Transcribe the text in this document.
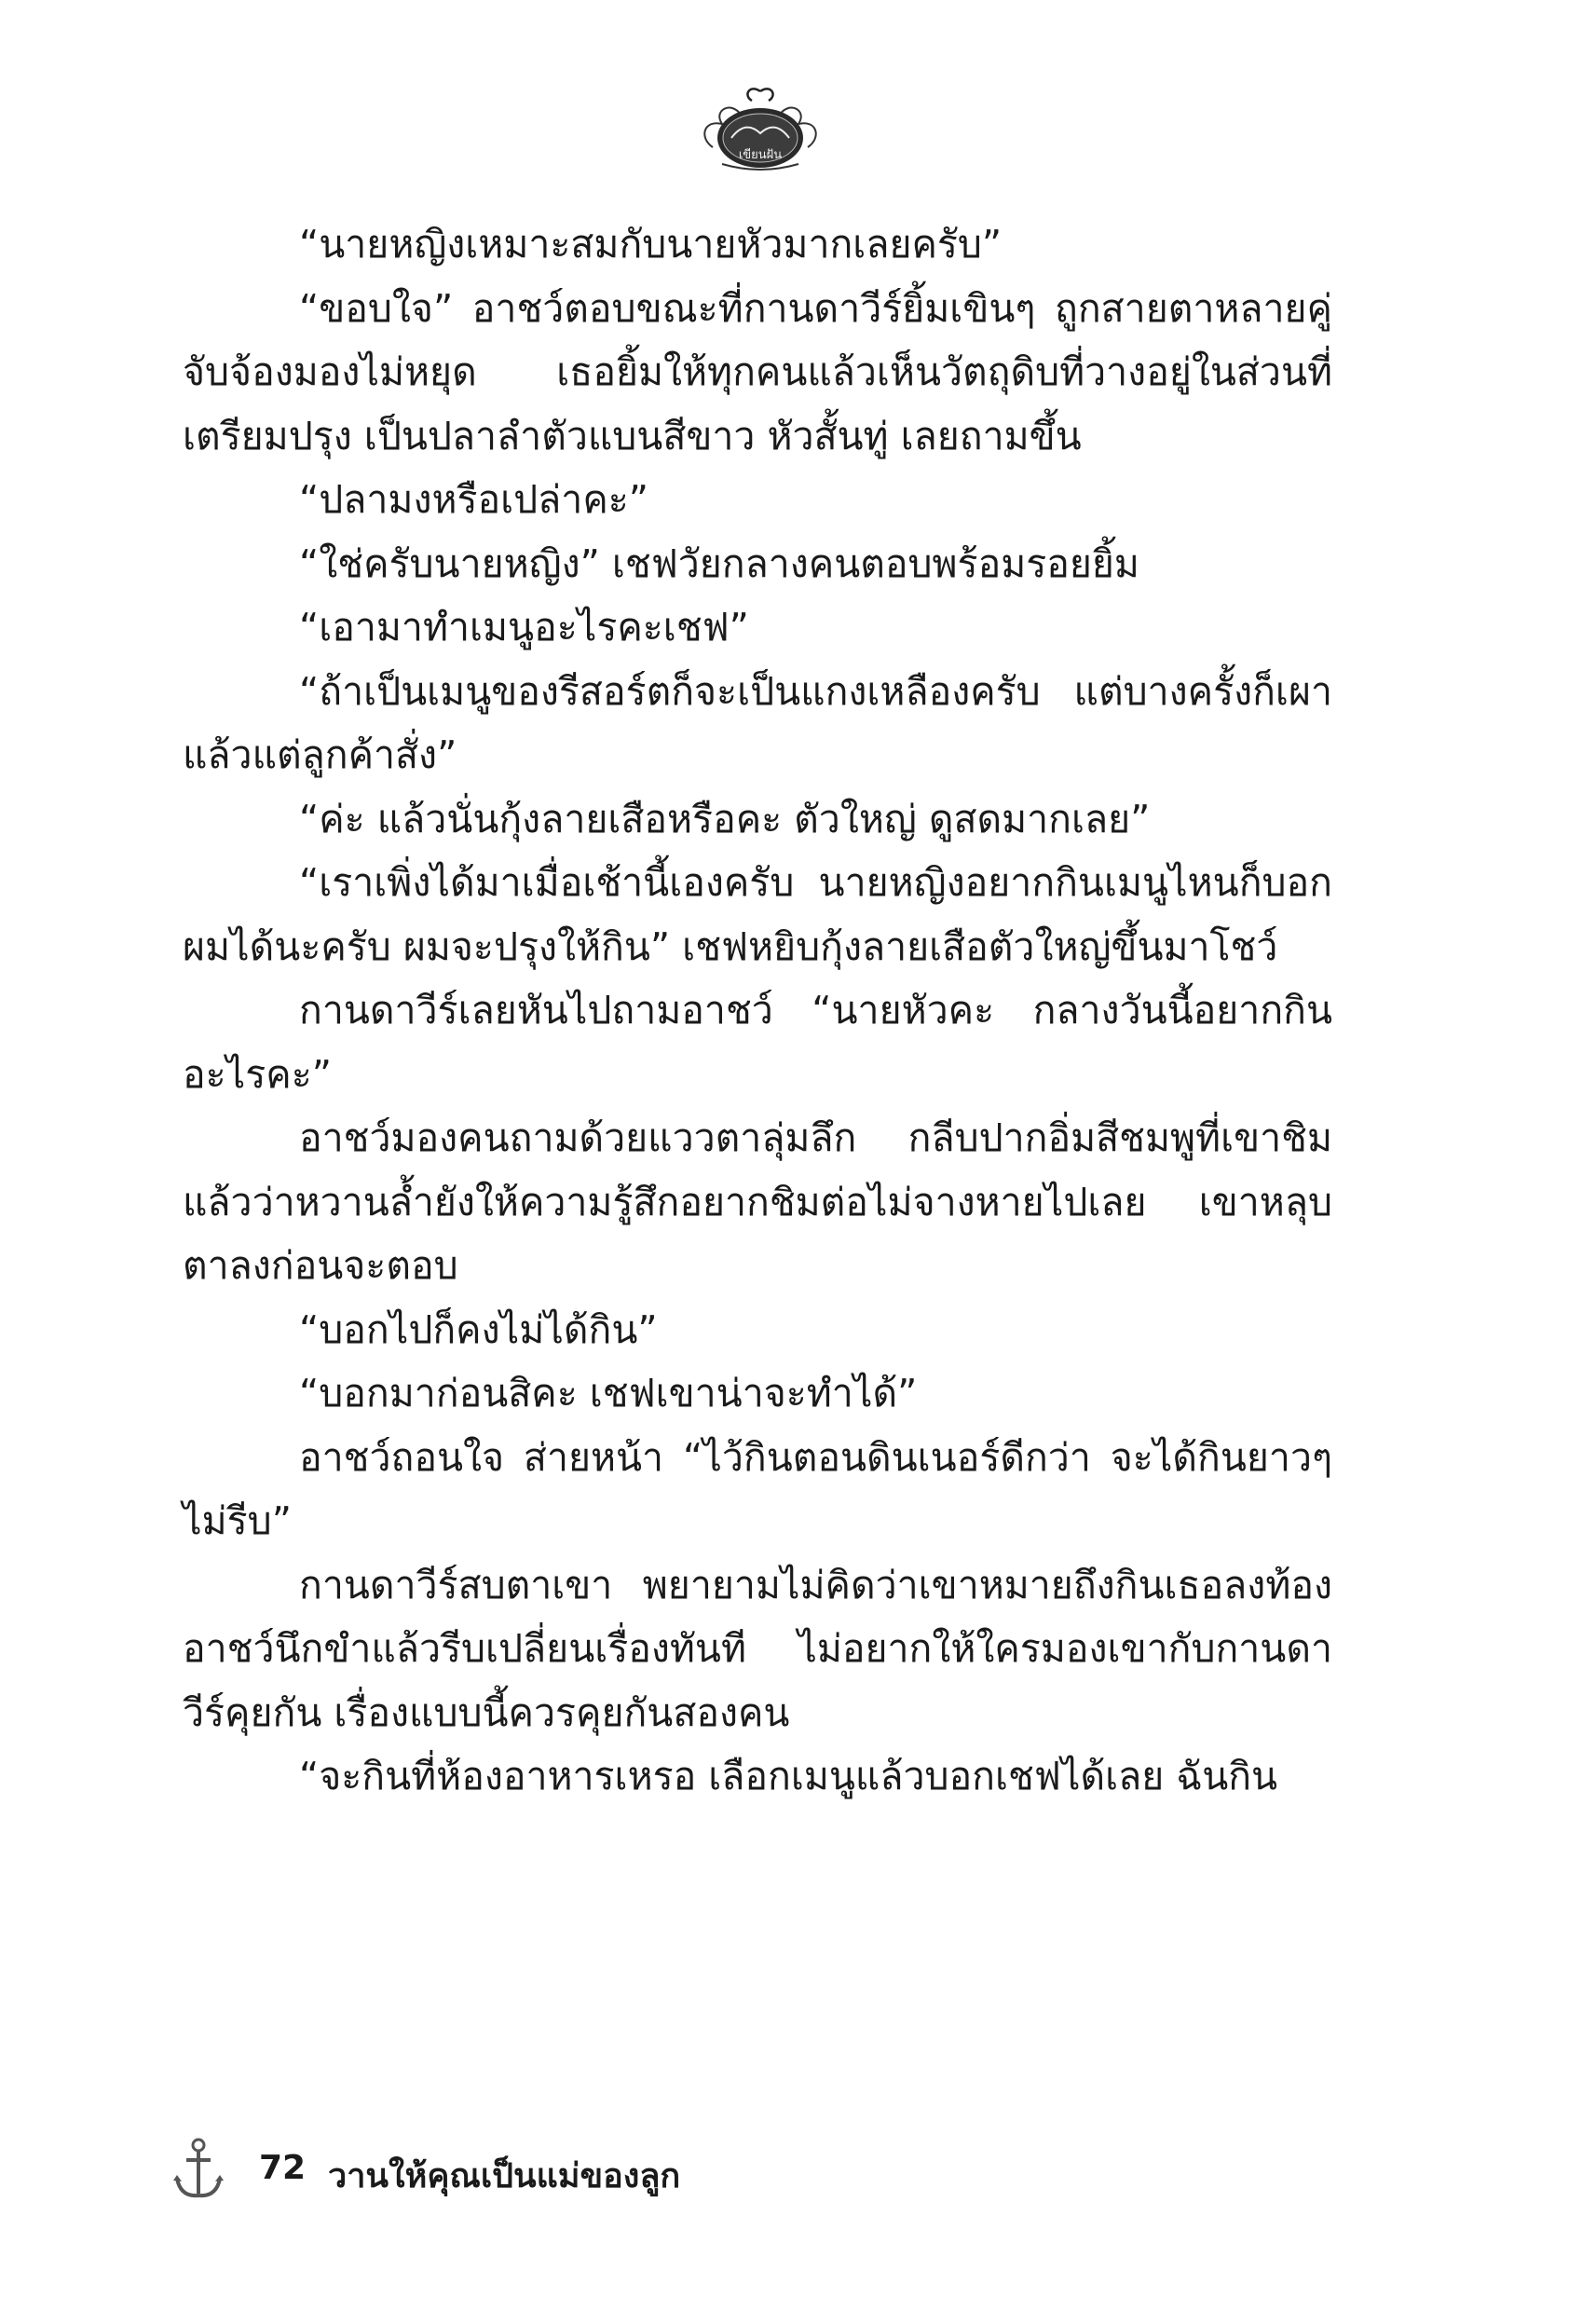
เขียนฝัน

“นายหญิงเหมาะสมกับนายหัวมากเลยครับ”

“ขอบใจ” อาชว์ตอบขณะที่กานดาวีร์ยิ้มเขินๆ ถูกสายตาหลายคู่จับจ้องมองไม่หยุด เธอยิ้มให้ทุกคนแล้วเห็นวัตถุดิบที่วางอยู่ในส่วนที่เตรียมปรุง เป็นปลาลำตัวแบนสีขาว หัวสั้นทู่ เลยถามขึ้น

“ปลามงหรือเปล่าคะ”

“ใช่ครับนายหญิง” เชฟวัยกลางคนตอบพร้อมรอยยิ้ม

“เอามาทำเมนูอะไรคะเชฟ”

“ถ้าเป็นเมนูของรีสอร์ตก็จะเป็นแกงเหลืองครับ แต่บางครั้งก็เผาแล้วแต่ลูกค้าสั่ง”

“ค่ะ แล้วนั่นกุ้งลายเสือหรือคะ ตัวใหญ่ ดูสดมากเลย”

“เราเพิ่งได้มาเมื่อเช้านี้เองครับ นายหญิงอยากกินเมนูไหนก็บอกผมได้นะครับ ผมจะปรุงให้กิน” เชฟหยิบกุ้งลายเสือตัวใหญ่ขึ้นมาโชว์

กานดาวีร์เลยหันไปถามอาชว์ “นายหัวคะ กลางวันนี้อยากกินอะไรคะ”

อาชว์มองคนถามด้วยแววตาลุ่มลึก กลีบปากอิ่มสีชมพูที่เขาชิมแล้วว่าหวานล้ำยังให้ความรู้สึกอยากชิมต่อไม่จางหายไปเลย เขาหลุบตาลงก่อนจะตอบ

“บอกไปก็คงไม่ได้กิน”

“บอกมาก่อนสิคะ เชฟเขาน่าจะทำได้”

อาชว์ถอนใจ ส่ายหน้า “ไว้กินตอนดินเนอร์ดีกว่า จะได้กินยาวๆ ไม่รีบ”

กานดาวีร์สบตาเขา พยายามไม่คิดว่าเขาหมายถึงกินเธอลงท้อง อาชว์นึกขำแล้วรีบเปลี่ยนเรื่องทันที ไม่อยากให้ใครมองเขากับกานดาวีร์คุยกัน เรื่องแบบนี้ควรคุยกันสองคน

“จะกินที่ห้องอาหารเหรอ เลือกเมนูแล้วบอกเชฟได้เลย ฉันกิน

72 วานให้คุณเป็นแม่ของลูก
